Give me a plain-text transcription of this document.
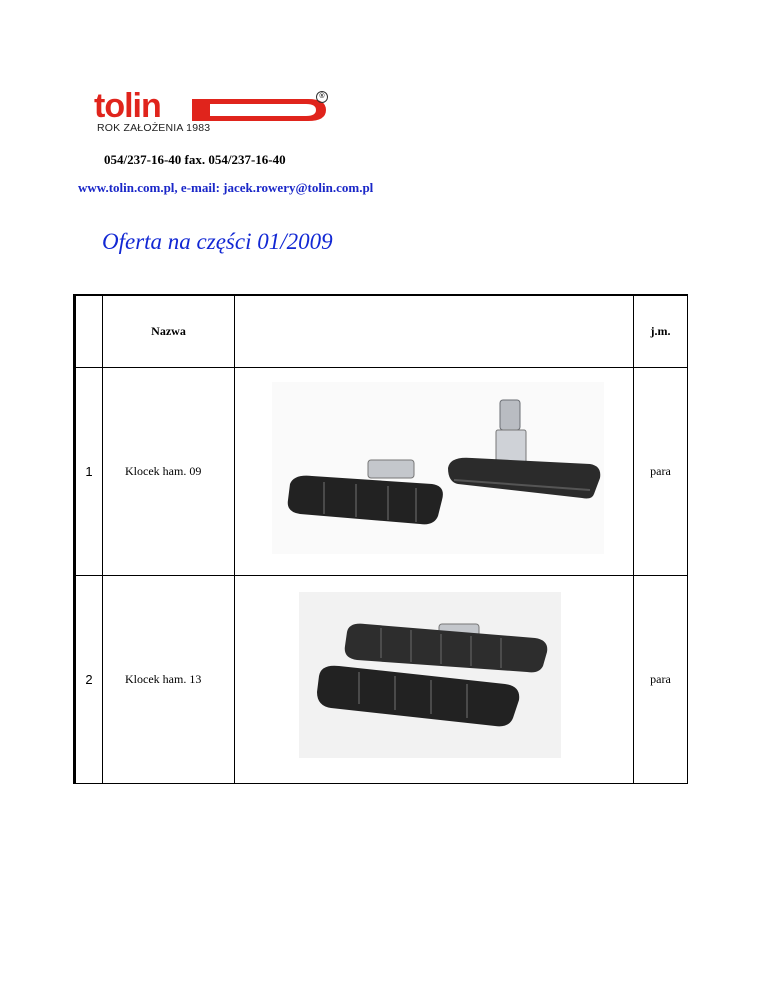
tolin	®
ROK ZAŁOŻENIA 1983
054/237-16-40 fax. 054/237-16-40
www.tolin.com.pl, e-mail: jacek.rowery@tolin.com.pl
Oferta na części 01/2009
	Nazwa		j.m.
1	Klocek ham. 09		para
2	Klocek ham. 13		para
